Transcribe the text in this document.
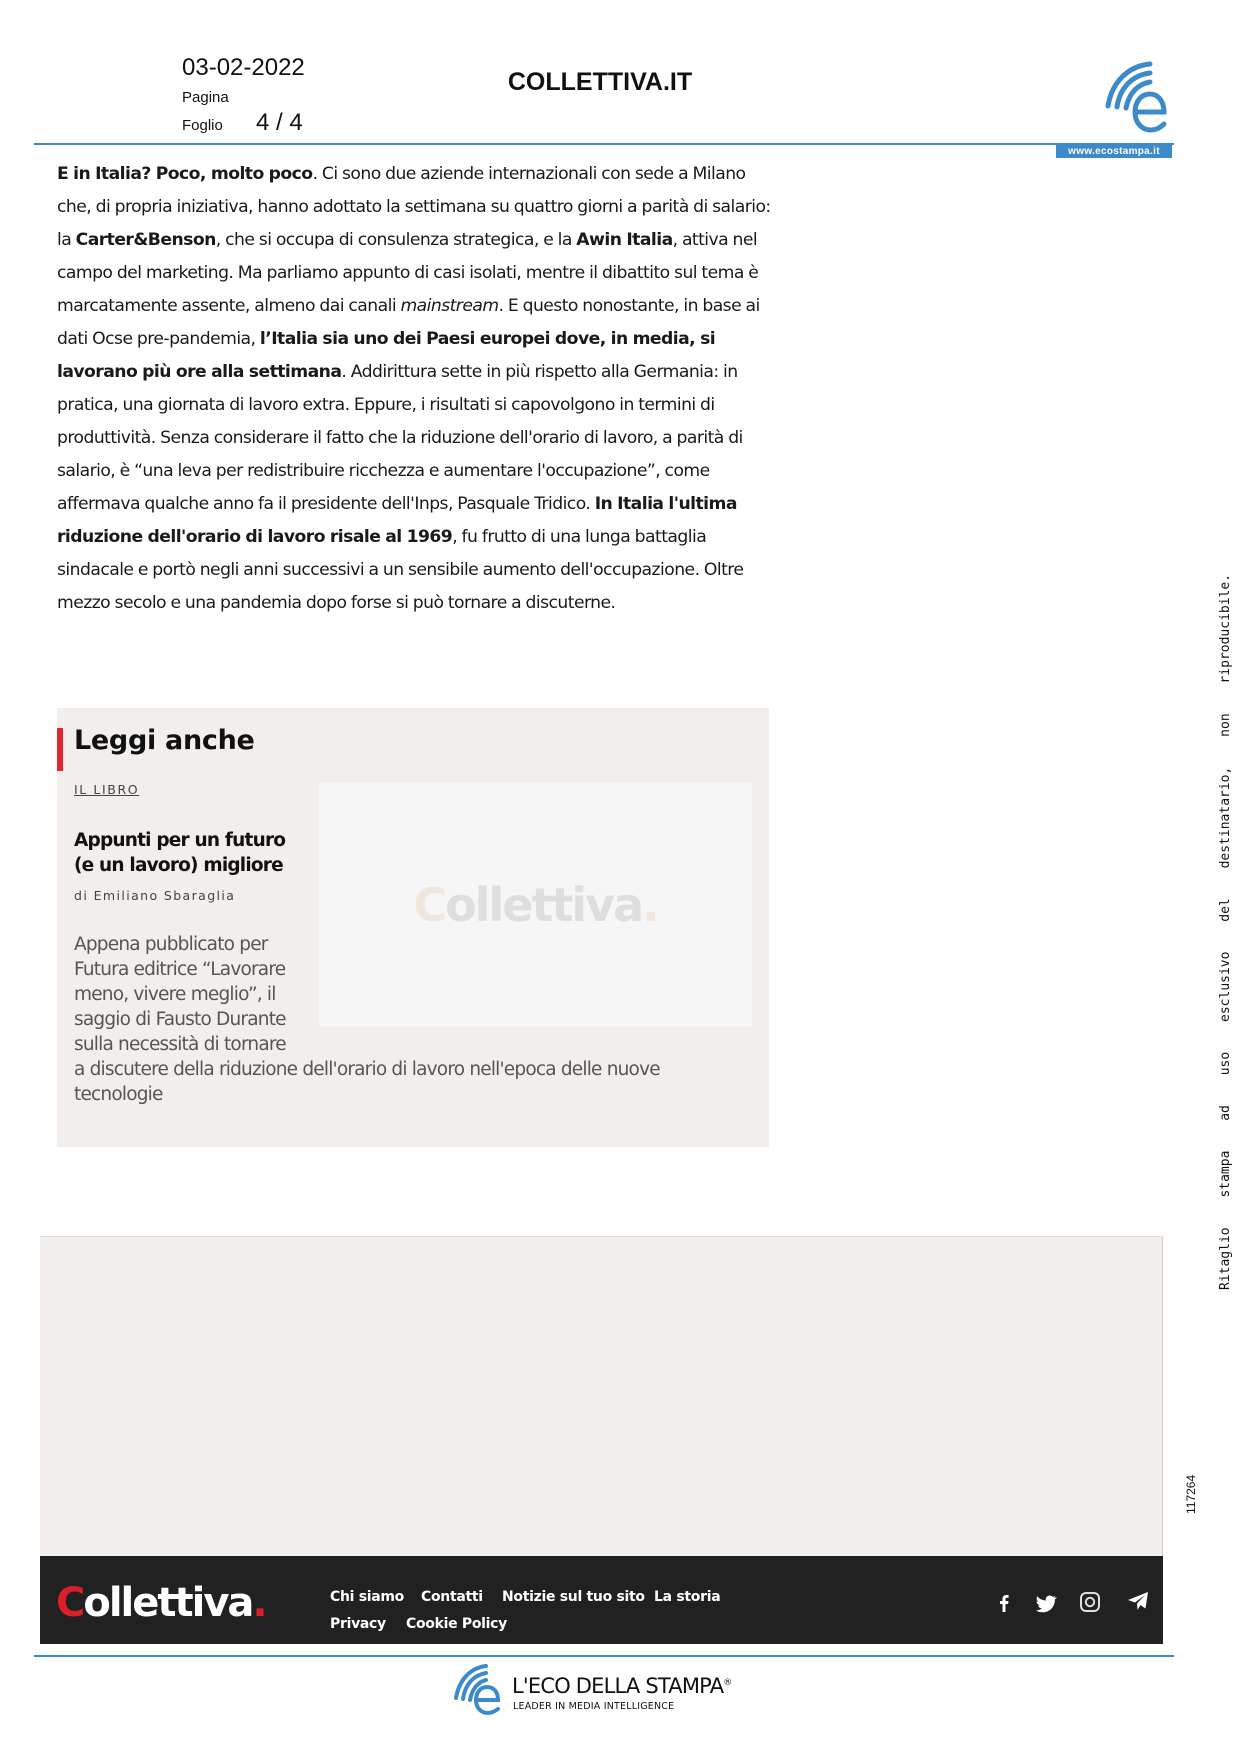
03-02-2022
Pagina
Foglio 4 / 4
COLLETTIVA.IT
www.ecostampa.it

E in Italia? Poco, molto poco. Ci sono due aziende internazionali con sede a Milano che, di propria iniziativa, hanno adottato la settimana su quattro giorni a parità di salario: la Carter&Benson, che si occupa di consulenza strategica, e la Awin Italia, attiva nel campo del marketing. Ma parliamo appunto di casi isolati, mentre il dibattito sul tema è marcatamente assente, almeno dai canali mainstream. E questo nonostante, in base ai dati Ocse pre-pandemia, l’Italia sia uno dei Paesi europei dove, in media, si lavorano più ore alla settimana. Addirittura sette in più rispetto alla Germania: in pratica, una giornata di lavoro extra. Eppure, i risultati si capovolgono in termini di produttività. Senza considerare il fatto che la riduzione dell'orario di lavoro, a parità di salario, è “una leva per redistribuire ricchezza e aumentare l'occupazione”, come affermava qualche anno fa il presidente dell'Inps, Pasquale Tridico. In Italia l'ultima riduzione dell'orario di lavoro risale al 1969, fu frutto di una lunga battaglia sindacale e portò negli anni successivi a un sensibile aumento dell'occupazione. Oltre mezzo secolo e una pandemia dopo forse si può tornare a discuterne.

Leggi anche
IL LIBRO
Appunti per un futuro (e un lavoro) migliore
di Emiliano Sbaraglia	Collettiva.
Appena pubblicato per
Futura editrice “Lavorare
meno, vivere meglio”, il
saggio di Fausto Durante
sulla necessità di tornare
a discutere della riduzione dell'orario di lavoro nell'epoca delle nuove
tecnologie
Collettiva.	Chi siamo Contatti Notizie sul tuo sito La storia
Privacy Cookie Policy
L'ECO DELLA STAMPA®
LEADER IN MEDIA INTELLIGENCE
Ritaglio stampa ad uso esclusivo del destinatario, non riproducibile.
117264
